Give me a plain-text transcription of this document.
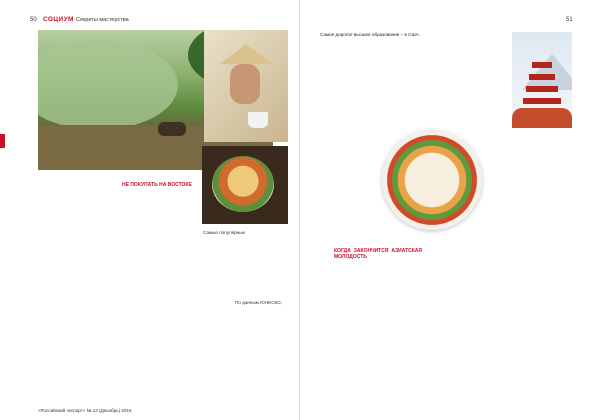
50 СОЦИУМ Секреты мастерства
НЕ ПОКУПАТЬ НА ВОСТОКЕ
Самые популярные
По данным ЮНЕСКО,
«Российский экспорт» № 12 (Декабрь) 2016
51
Самое дорогое высшее образование – в США.
КОГДА ЗАКОНЧИТСЯ АЗИАТСКАЯ МОЛОДОСТЬ
